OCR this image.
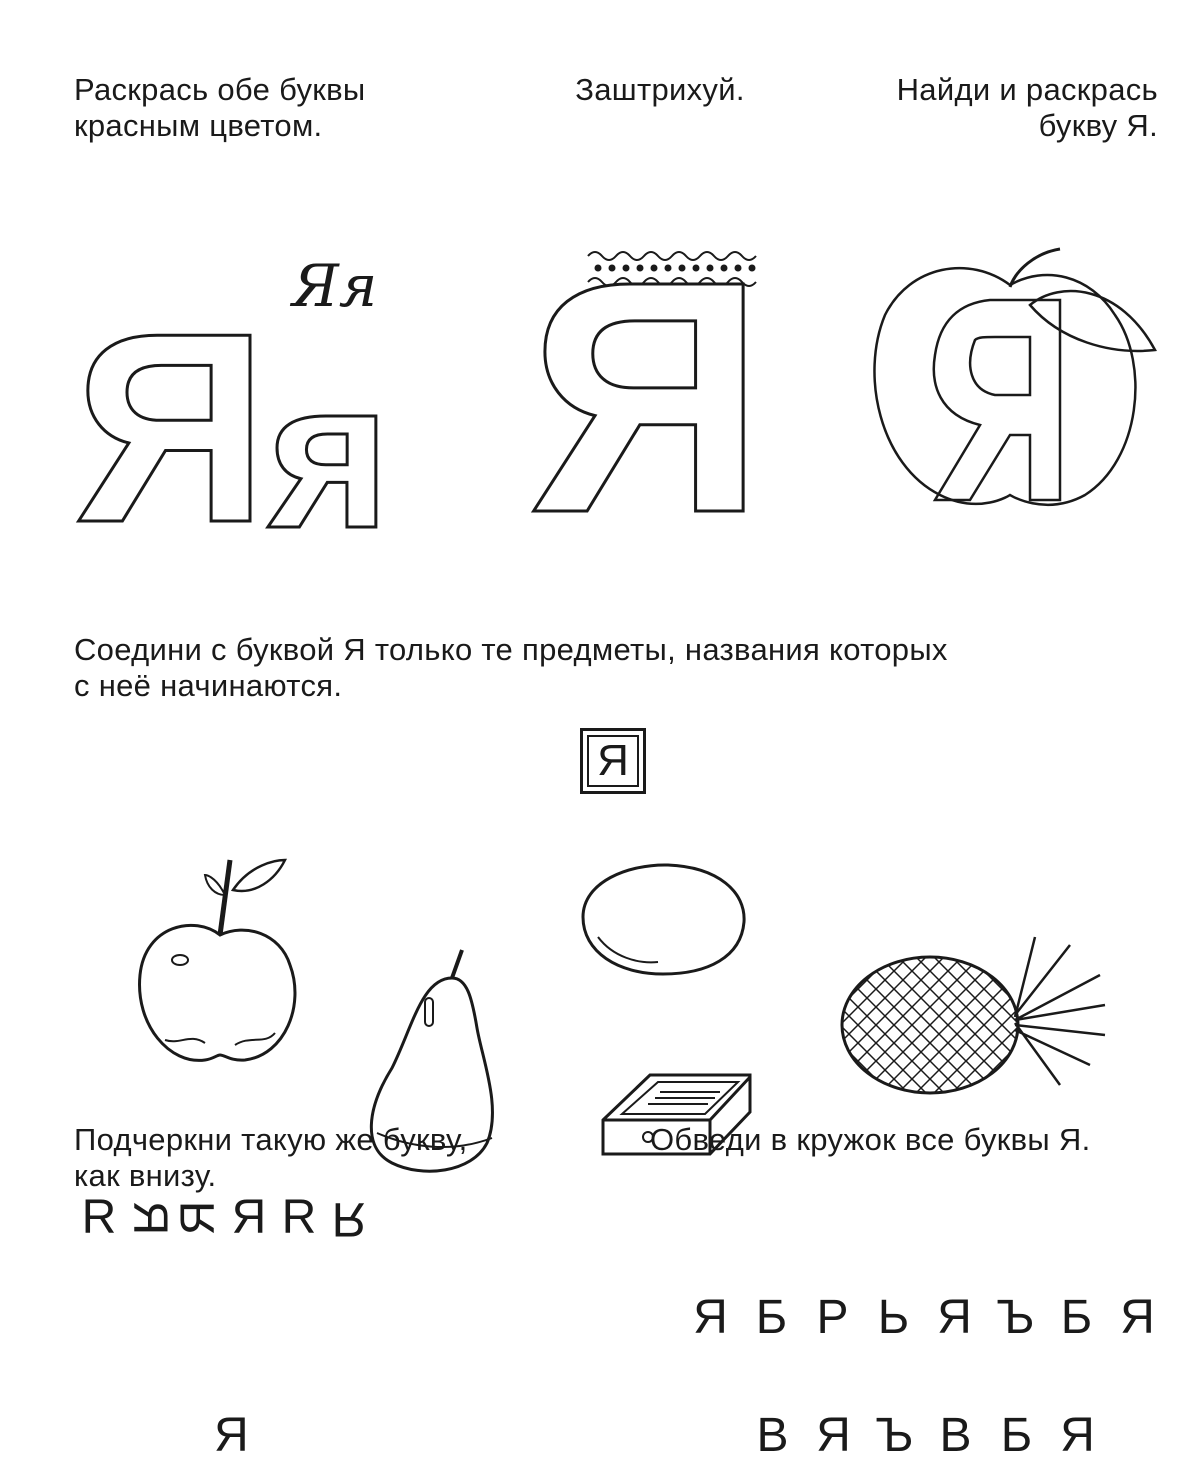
Раскрась обе буквы
красным цветом.
Заштрихуй.	Найди и раскрась
букву Я.
Я я
Яя Я
Соедини с буквой Я только те предметы, названия которых
с неё начинаются.
Я
Подчеркни такую же букву,
как внизу.
R Я
Я Я R Я
Я
Обведи в кружок все буквы Я.
Я Б Р Ь Я Ъ Б Я
В Я Ъ В Б Я
